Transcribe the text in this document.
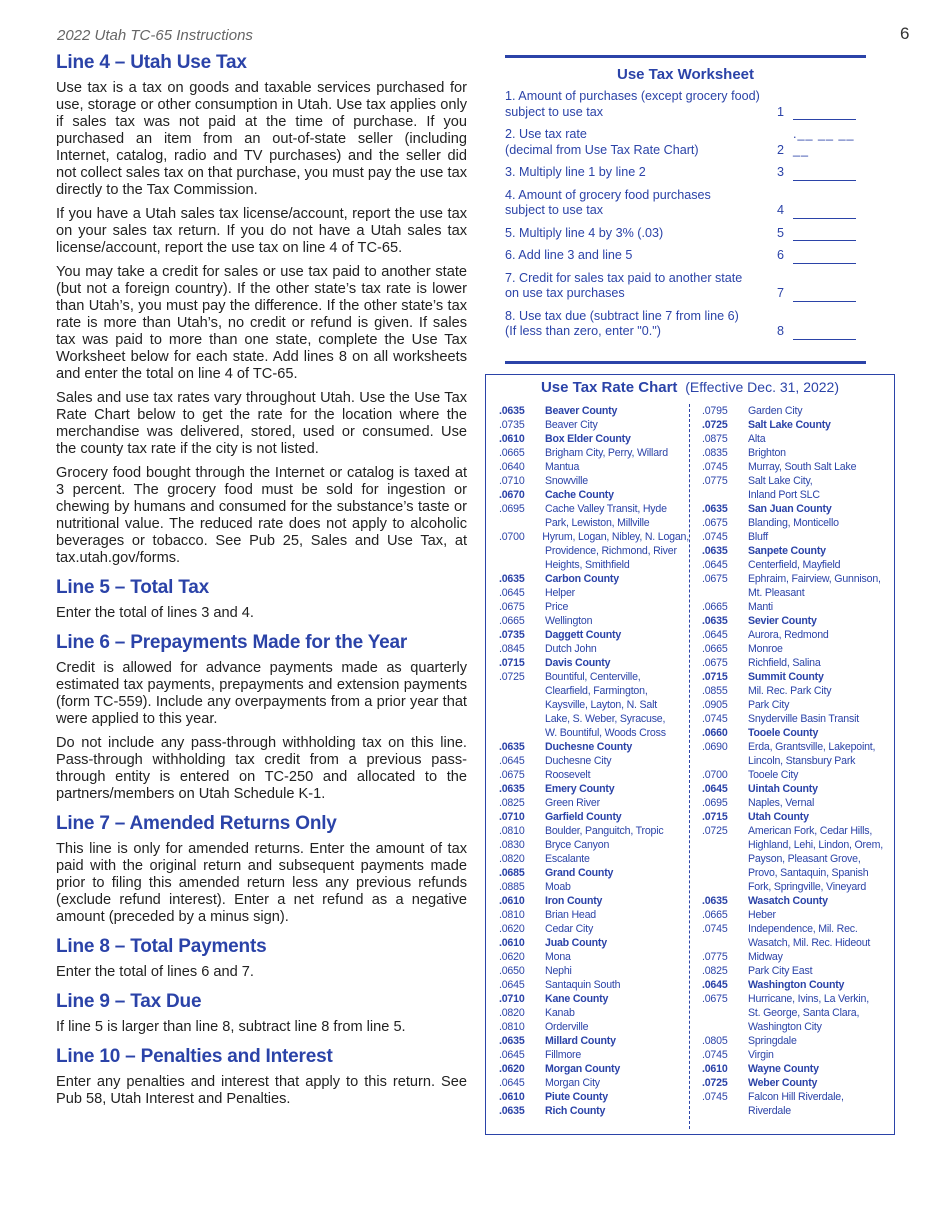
2022 Utah TC-65 Instructions	6
Line 4 – Utah Use Tax

Use tax is a tax on goods and taxable services purchased for use, storage or other consumption in Utah. Use tax applies only if sales tax was not paid at the time of purchase. If you purchased an item from an out-of-state seller (including Internet, catalog, radio and TV purchases) and the seller did not collect sales tax on that purchase, you must pay the use tax directly to the Tax Commission.

If you have a Utah sales tax license/account, report the use tax on your sales tax return. If you do not have a Utah sales tax license/account, report the use tax on line 4 of TC-65.

You may take a credit for sales or use tax paid to another state (but not a foreign country). If the other state’s tax rate is lower than Utah’s, you must pay the difference. If the other state’s tax rate is more than Utah’s, no credit or refund is given. If sales tax was paid to more than one state, complete the Use Tax Worksheet below for each state. Add lines 8 on all worksheets and enter the total on line 4 of TC-65.

Sales and use tax rates vary throughout Utah. Use the Use Tax Rate Chart below to get the rate for the location where the merchandise was delivered, stored, used or consumed. Use the county tax rate if the city is not listed.

Grocery food bought through the Internet or catalog is taxed at 3 percent. The grocery food must be sold for ingestion or chewing by humans and consumed for the substance’s taste or nutritional value. The reduced rate does not apply to alcoholic beverages or tobacco. See Pub 25, Sales and Use Tax, at tax.utah.gov/forms.

Line 5 – Total Tax

Enter the total of lines 3 and 4.

Line 6 – Prepayments Made for the Year

Credit is allowed for advance payments made as quarterly estimated tax payments, prepayments and extension payments (form TC-559). Include any overpayments from a prior year that were applied to this year.

Do not include any pass-through withholding tax on this line. Pass-through withholding tax credit from a previous pass-through entity is entered on TC-250 and allocated to the partners/members on Utah Schedule K-1.

Line 7 – Amended Returns Only

This line is only for amended returns. Enter the amount of tax paid with the original return and subsequent payments made prior to filing this amended return less any previous refunds (exclude refund interest). Enter a net refund as a negative amount (preceded by a minus sign).

Line 8 – Total Payments

Enter the total of lines 6 and 7.

Line 9 – Tax Due

If line 5 is larger than line 8, subtract line 8 from line 5.

Line 10 – Penalties and Interest

Enter any penalties and interest that apply to this return. See Pub 58, Utah Interest and Penalties.

Use Tax Worksheet
1. Amount of purchases (except grocery food)
subject to use tax	1
2. Use tax rate
(decimal from Use Tax Rate Chart)	2
.__ __ __ __
3. Multiply line 1 by line 2	3
4. Amount of grocery food purchases
subject to use tax	4
5. Multiply line 4 by 3% (.03)	5
6. Add line 3 and line 5	6
7. Credit for sales tax paid to another state
on use tax purchases	7
8. Use tax due (subtract line 7 from line 6)
(If less than zero, enter "0.")	8
Use Tax Rate Chart (Effective Dec. 31, 2022)
.0635	Beaver County
.0735	Beaver City
.0610	Box Elder County
.0665	Brigham City, Perry, Willard
.0640	Mantua
.0710	Snowville
.0670	Cache County
.0695	Cache Valley Transit, Hyde
Park, Lewiston, Millville
.0700	Hyrum, Logan, Nibley, N. Logan,
Providence, Richmond, River
Heights, Smithfield
.0635	Carbon County
.0645	Helper
.0675	Price
.0665	Wellington
.0735	Daggett County
.0845	Dutch John
.0715	Davis County
.0725	Bountiful, Centerville,
Clearfield, Farmington,
Kaysville, Layton, N. Salt
Lake, S. Weber, Syracuse,
W. Bountiful, Woods Cross
.0635	Duchesne County
.0645	Duchesne City
.0675	Roosevelt
.0635	Emery County
.0825	Green River
.0710	Garfield County
.0810	Boulder, Panguitch, Tropic
.0830	Bryce Canyon
.0820	Escalante
.0685	Grand County
.0885	Moab
.0610	Iron County
.0810	Brian Head
.0620	Cedar City
.0610	Juab County
.0620	Mona
.0650	Nephi
.0645	Santaquin South
.0710	Kane County
.0820	Kanab
.0810	Orderville
.0635	Millard County
.0645	Fillmore
.0620	Morgan County
.0645	Morgan City
.0610	Piute County
.0635	Rich County
.0795	Garden City
.0725	Salt Lake County
.0875	Alta
.0835	Brighton
.0745	Murray, South Salt Lake
.0775	Salt Lake City,
Inland Port SLC
.0635	San Juan County
.0675	Blanding, Monticello
.0745	Bluff
.0635	Sanpete County
.0645	Centerfield, Mayfield
.0675	Ephraim, Fairview, Gunnison,
Mt. Pleasant
.0665	Manti
.0635	Sevier County
.0645	Aurora, Redmond
.0665	Monroe
.0675	Richfield, Salina
.0715	Summit County
.0855	Mil. Rec. Park City
.0905	Park City
.0745	Snyderville Basin Transit
.0660	Tooele County
.0690	Erda, Grantsville, Lakepoint,
Lincoln, Stansbury Park
.0700	Tooele City
.0645	Uintah County
.0695	Naples, Vernal
.0715	Utah County
.0725	American Fork, Cedar Hills,
Highland, Lehi, Lindon, Orem,
Payson, Pleasant Grove,
Provo, Santaquin, Spanish
Fork, Springville, Vineyard
.0635	Wasatch County
.0665	Heber
.0745	Independence, Mil. Rec.
Wasatch, Mil. Rec. Hideout
.0775	Midway
.0825	Park City East
.0645	Washington County
.0675	Hurricane, Ivins, La Verkin,
St. George, Santa Clara,
Washington City
.0805	Springdale
.0745	Virgin
.0610	Wayne County
.0725	Weber County
.0745	Falcon Hill Riverdale,
Riverdale
